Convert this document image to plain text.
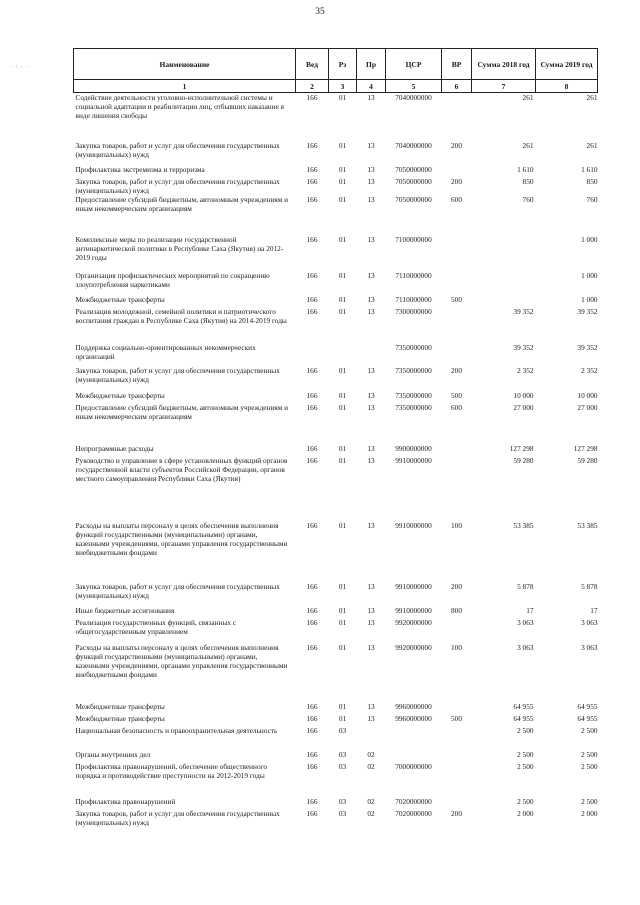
35
· : · ·	Наименование	Вед	Рз	Пр	ЦСР	ВР	Сумма 2018 год	Сумма 2019 год
1	2	3	4	5	6	7	8
Содействие деятельности уголовно-исполнительной системы и социальной адаптации и реабилитации лиц, отбывших наказание в виде лишения свободы	166	01	13	7040000000		261	261
Закупка товаров, работ и услуг для обеспечения государственных (муниципальных) нужд	166	01	13	7040000000	200	261	261
Профилактика экстремизма и терроризма	166	01	13	7050000000		1 610	1 610
Закупка товаров, работ и услуг для обеспечения государственных (муниципальных) нужд	166	01	13	7050000000	200	850	850
Предоставление субсидий бюджетным, автономным учреждениям и иным некоммерческим организациям	166	01	13	7050000000	600	760	760
Комплексные меры по реализации государственной антинаркотической политики в Республике Саха (Якутия) на 2012-2019 годы	166	01	13	7100000000			1 000
Организация профилактических мероприятий по сокращению злоупотребления наркотиками	166	01	13	7110000000			1 000
Межбюджетные трансферты	166	01	13	7110000000	500		1 000
Реализация молодежной, семейной политики и патриотического воспитания граждан в Республике Саха (Якутия) на 2014-2019 годы	166	01	13	7300000000		39 352	39 352
Поддержка социально-ориентированных некоммерческих организаций				7350000000		39 352	39 352
Закупка товаров, работ и услуг для обеспечения государственных (муниципальных) нужд	166	01	13	7350000000	200	2 352	2 352
Межбюджетные трансферты	166	01	13	7350000000	500	10 000	10 000
Предоставление субсидий бюджетным, автономным учреждениям и иным некоммерческим организациям	166	01	13	7350000000	600	27 000	27 000
Непрограммные расходы	166	01	13	9900000000		127 298	127 298
Руководство и управление в сфере установленных функций органов государственной власти субъектов Российской Федерации, органов местного самоуправления Республики Саха (Якутия)	166	01	13	9910000000		59 280	59 280
Расходы на выплаты персоналу в целях обеспечения выполнения функций государственными (муниципальными) органами, казенными учреждениями, органами управления государственными внебюджетными фондами	166	01	13	9910000000	100	53 385	53 385
Закупка товаров, работ и услуг для обеспечения государственных (муниципальных) нужд	166	01	13	9910000000	200	5 878	5 878
Иные бюджетные ассигнования	166	01	13	9910000000	800	17	17
Реализация государственных функций, связанных с общегосударственным управлением	166	01	13	9920000000		3 063	3 063
Расходы на выплаты персоналу в целях обеспечения выполнения функций государственными (муниципальными) органами, казенными учреждениями, органами управления государственными внебюджетными фондами	166	01	13	9920000000	100	3 063	3 063
Межбюджетные трансферты	166	01	13	9960000000		64 955	64 955
Межбюджетные трансферты	166	01	13	9960000000	500	64 955	64 955
Национальная безопасность и правоохранительная деятельность	166	03				2 500	2 500
Органы внутренних дел	166	03	02			2 500	2 500
Профилактика правонарушений, обеспечение общественного порядка и противодействие преступности на 2012-2019 годы	166	03	02	7000000000		2 500	2 500
Профилактика правонарушений	166	03	02	7020000000		2 500	2 500
Закупка товаров, работ и услуг для обеспечения государственных (муниципальных) нужд	166	03	02	7020000000	200	2 000	2 000
